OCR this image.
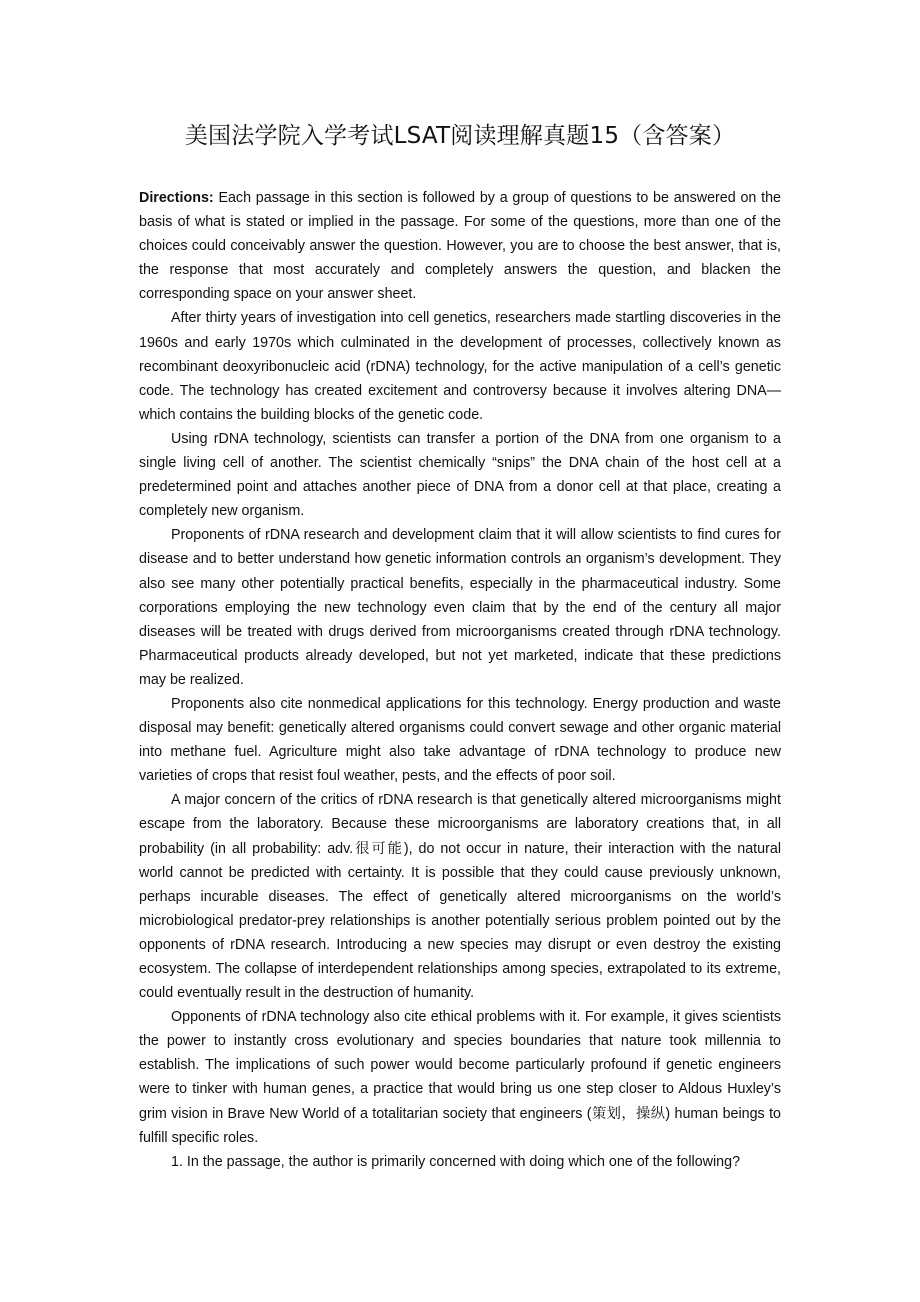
美国法学院入学考试LSAT阅读理解真题15（含答案）

Directions: Each passage in this section is followed by a group of questions to be answered on the basis of what is stated or implied in the passage. For some of the questions, more than one of the choices could conceivably answer the question. However, you are to choose the best answer, that is, the response that most accurately and completely answers the question, and blacken the corresponding space on your answer sheet.

After thirty years of investigation into cell genetics, researchers made startling discoveries in the 1960s and early 1970s which culminated in the development of processes, collectively known as recombinant deoxyribonucleic acid (rDNA) technology, for the active manipulation of a cell’s genetic code. The technology has created excitement and controversy because it involves altering DNA—which contains the building blocks of the genetic code.

Using rDNA technology, scientists can transfer a portion of the DNA from one organism to a single living cell of another. The scientist chemically “snips” the DNA chain of the host cell at a predetermined point and attaches another piece of DNA from a donor cell at that place, creating a completely new organism.

Proponents of rDNA research and development claim that it will allow scientists to find cures for disease and to better understand how genetic information controls an organism’s development. They also see many other potentially practical benefits, especially in the pharmaceutical industry. Some corporations employing the new technology even claim that by the end of the century all major diseases will be treated with drugs derived from microorganisms created through rDNA technology. Pharmaceutical products already developed, but not yet marketed, indicate that these predictions may be realized.

Proponents also cite nonmedical applications for this technology. Energy production and waste disposal may benefit: genetically altered organisms could convert sewage and other organic material into methane fuel. Agriculture might also take advantage of rDNA technology to produce new varieties of crops that resist foul weather, pests, and the effects of poor soil.

A major concern of the critics of rDNA research is that genetically altered microorganisms might escape from the laboratory. Because these microorganisms are laboratory creations that, in all probability (in all probability: adv.很可能), do not occur in nature, their interaction with the natural world cannot be predicted with certainty. It is possible that they could cause previously unknown, perhaps incurable diseases. The effect of genetically altered microorganisms on the world’s microbiological predator-prey relationships is another potentially serious problem pointed out by the opponents of rDNA research. Introducing a new species may disrupt or even destroy the existing ecosystem. The collapse of interdependent relationships among species, extrapolated to its extreme, could eventually result in the destruction of humanity.

Opponents of rDNA technology also cite ethical problems with it. For example, it gives scientists the power to instantly cross evolutionary and species boundaries that nature took millennia to establish. The implications of such power would become particularly profound if genetic engineers were to tinker with human genes, a practice that would bring us one step closer to Aldous Huxley’s grim vision in Brave New World of a totalitarian society that engineers (策划，操纵) human beings to fulfill specific roles.

1. In the passage, the author is primarily concerned with doing which one of the following?
